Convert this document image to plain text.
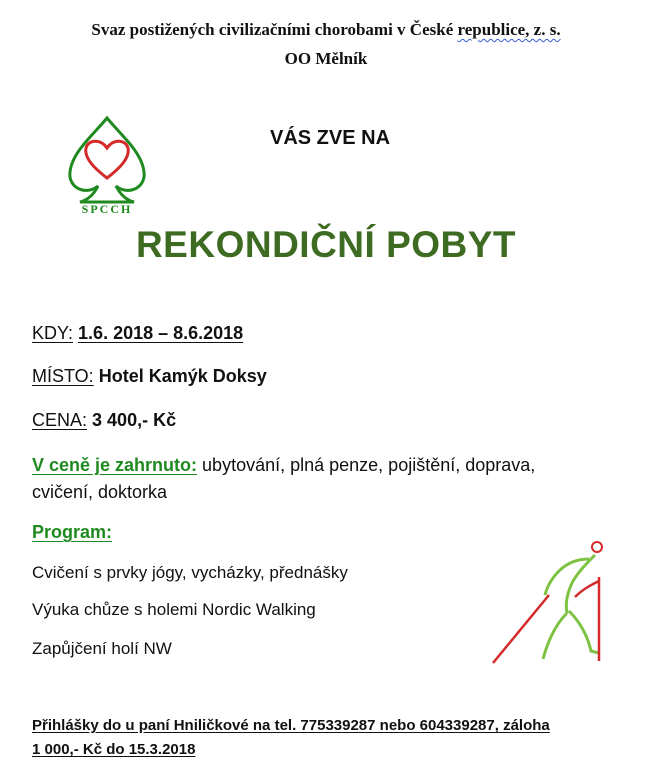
Svaz postižených civilizačními chorobami v České republice, z. s.
OO Mělník
SPCCH
VÁS ZVE NA
REKONDIČNÍ POBYT
KDY: 1.6. 2018 – 8.6.2018
MÍSTO: Hotel Kamýk Doksy
CENA: 3 400,- Kč
V ceně je zahrnuto: ubytování, plná penze, pojištění, doprava,
cvičení, doktorka
Program:
Cvičení s prvky jógy, vycházky, přednášky
Výuka chůze s holemi Nordic Walking
Zapůjčení holí NW
Přihlášky do u paní Hniličkové na tel. 775339287 nebo 604339287, záloha
1 000,- Kč do 15.3.2018
